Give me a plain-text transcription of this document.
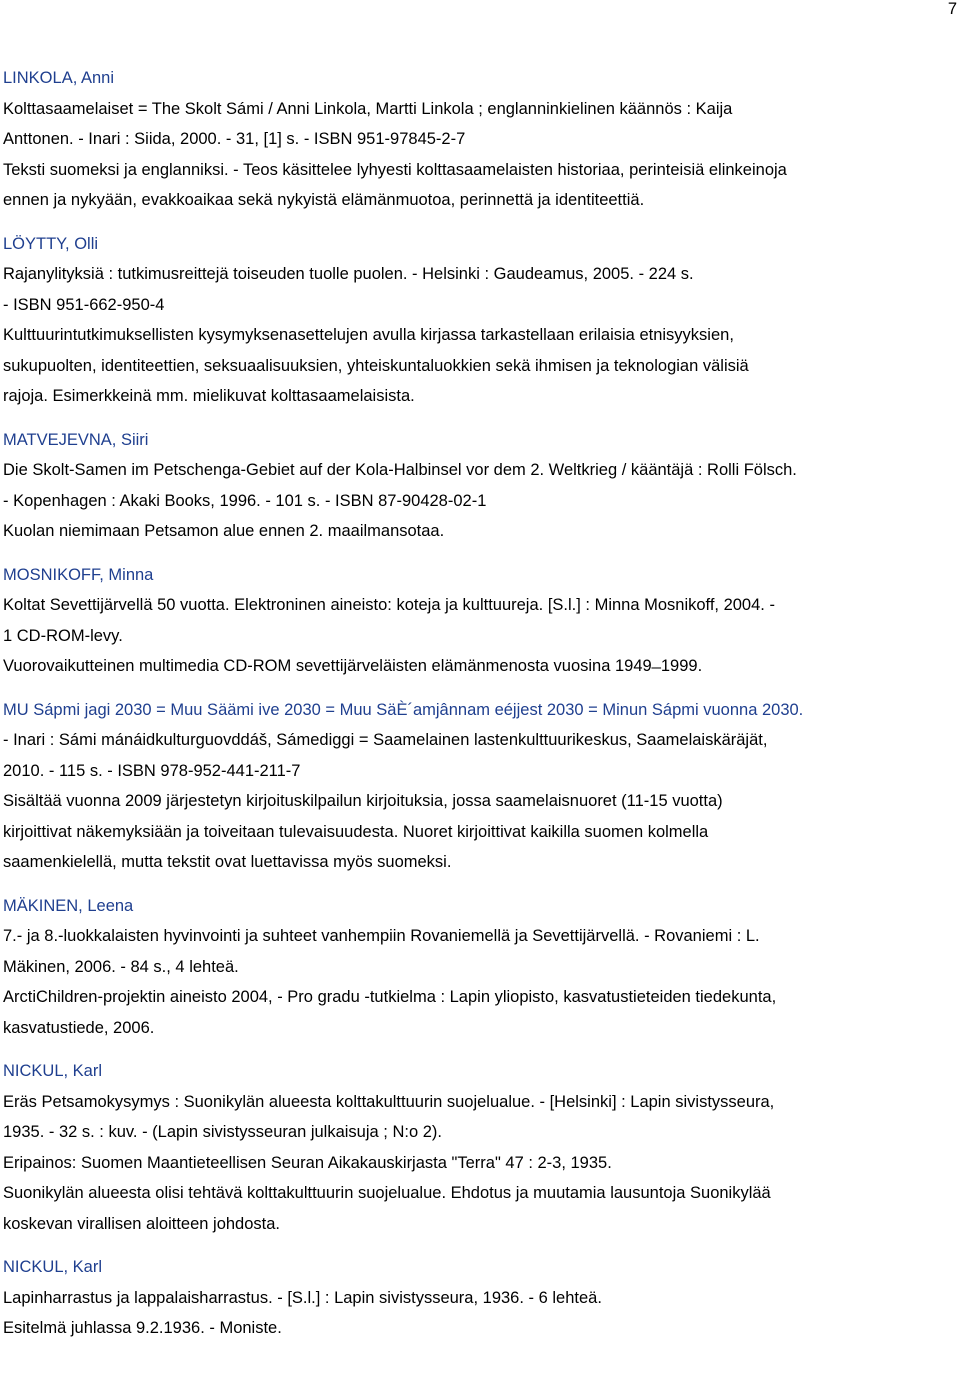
7
LINKOLA, Anni
Kolttasaamelaiset = The Skolt Sámi / Anni Linkola, Martti Linkola ; englanninkielinen käännös : Kaija
Anttonen. - Inari : Siida, 2000. - 31, [1] s. - ISBN 951-97845-2-7
Teksti suomeksi ja englanniksi. - Teos käsittelee lyhyesti kolttasaamelaisten historiaa, perinteisiä elinkeinoja
ennen ja nykyään, evakkoaikaa sekä nykyistä elämänmuotoa, perinnettä ja identiteettiä.
LÖYTTY, Olli
Rajanylityksiä : tutkimusreittejä toiseuden tuolle puolen. - Helsinki : Gaudeamus, 2005. - 224 s.
- ISBN 951-662-950-4
Kulttuurintutkimuksellisten kysymyksenasettelujen avulla kirjassa tarkastellaan erilaisia etnisyyksien,
sukupuolten, identiteettien, seksuaalisuuksien, yhteiskuntaluokkien sekä ihmisen ja teknologian välisiä
rajoja. Esimerkkeinä mm. mielikuvat kolttasaamelaisista.
MATVEJEVNA, Siiri
Die Skolt-Samen im Petschenga-Gebiet auf der Kola-Halbinsel vor dem 2. Weltkrieg / kääntäjä : Rolli Fölsch.
- Kopenhagen : Akaki Books, 1996. - 101 s. - ISBN 87-90428-02-1
Kuolan niemimaan Petsamon alue ennen 2. maailmansotaa.
MOSNIKOFF, Minna
Koltat Sevettijärvellä 50 vuotta. Elektroninen aineisto: koteja ja kulttuureja. [S.l.] : Minna Mosnikoff, 2004. -
1 CD-ROM-levy.
Vuorovaikutteinen multimedia CD-ROM sevettijärveläisten elämänmenosta vuosina 1949 ̶ 1999.
MU Sápmi jagi 2030 = Muu Säämi ive 2030 = Muu SäÈ´amjânnam eéjjest 2030 = Minun Sápmi vuonna 2030.
- Inari : Sámi mánáidkulturguovddáš, Sámediggi = Saamelainen lastenkulttuurikeskus, Saamelaiskäräjät,
2010. - 115 s. - ISBN 978-952-441-211-7
Sisältää vuonna 2009 järjestetyn kirjoituskilpailun kirjoituksia, jossa saamelaisnuoret (11-15 vuotta)
kirjoittivat näkemyksiään ja toiveitaan tulevaisuudesta. Nuoret kirjoittivat kaikilla suomen kolmella
saamenkielellä, mutta tekstit ovat luettavissa myös suomeksi.
MÄKINEN, Leena
7.- ja 8.-luokkalaisten hyvinvointi ja suhteet vanhempiin Rovaniemellä ja Sevettijärvellä. - Rovaniemi : L.
Mäkinen, 2006. - 84 s., 4 lehteä.
ArctiChildren-projektin aineisto 2004, - Pro gradu -tutkielma : Lapin yliopisto, kasvatustieteiden tiedekunta,
kasvatustiede, 2006.
NICKUL, Karl
Eräs Petsamokysymys : Suonikylän alueesta kolttakulttuurin suojelualue. - [Helsinki] : Lapin sivistysseura,
1935. - 32 s. : kuv. - (Lapin sivistysseuran julkaisuja ; N:o 2).
Eripainos: Suomen Maantieteellisen Seuran Aikakauskirjasta "Terra" 47 : 2-3, 1935.
Suonikylän alueesta olisi tehtävä kolttakulttuurin suojelualue. Ehdotus ja muutamia lausuntoja Suonikylää
koskevan virallisen aloitteen johdosta.
NICKUL, Karl
Lapinharrastus ja lappalaisharrastus. - [S.l.] : Lapin sivistysseura, 1936. - 6 lehteä.
Esitelmä juhlassa 9.2.1936. - Moniste.
